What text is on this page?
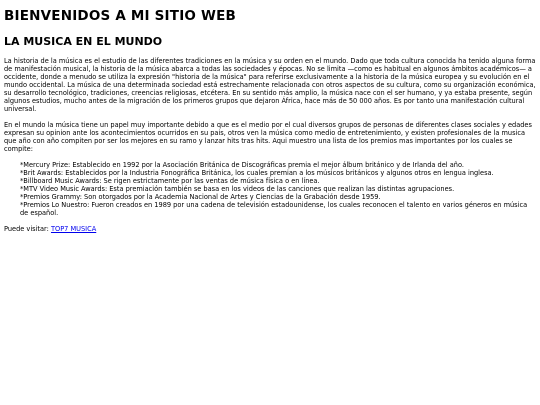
BIENVENIDOS A MI SITIO WEB
LA MUSICA EN EL MUNDO

La historia de la música es el estudio de las diferentes tradiciones en la música y su orden en el mundo. Dado que toda cultura conocida ha tenido alguna forma de manifestación musical, la historia de la música abarca a todas las sociedades y épocas. No se limita —como es habitual en algunos ámbitos académicos— a occidente, donde a menudo se utiliza la expresión "historia de la música" para referirse exclusivamente a la historia de la música europea y su evolución en el mundo occidental. La música de una determinada sociedad está estrechamente relacionada con otros aspectos de su cultura, como su organización económica, su desarrollo tecnológico, tradiciones, creencias religiosas, etcétera. En su sentido más amplio, la música nace con el ser humano, y ya estaba presente, según algunos estudios, mucho antes de la migración de los primeros grupos que dejaron África, hace más de 50 000 años. Es por tanto una manifestación cultural universal.

En el mundo la música tiene un papel muy importante debido a que es el medio por el cual diversos grupos de personas de diferentes clases sociales y edades expresan su opinion ante los acontecimientos ocurridos en su pais, otros ven la música como medio de entretenimiento, y existen profesionales de la musica que año con año compiten por ser los mejores en su ramo y lanzar hits tras hits. Aqui muestro una lista de los premios mas importantes por los cuales se compite:

*Mercury Prize: Establecido en 1992 por la Asociación Británica de Discográficas premia el mejor álbum británico y de Irlanda del año.
*Brit Awards: Establecidos por la Industria Fonográfica Británica, los cuales premian a los músicos británicos y algunos otros en lengua inglesa.
*Billboard Music Awards: Se rigen estrictamente por las ventas de música física o en línea.
*MTV Video Music Awards: Esta premiación también se basa en los videos de las canciones que realizan las distintas agrupaciones.
*Premios Grammy: Son otorgados por la Academia Nacional de Artes y Ciencias de la Grabación desde 1959.
*Premios Lo Nuestro: Fueron creados en 1989 por una cadena de televisión estadounidense, los cuales reconocen el talento en varios géneros en música de español.
Puede visitar: TOP7 MUSICA
